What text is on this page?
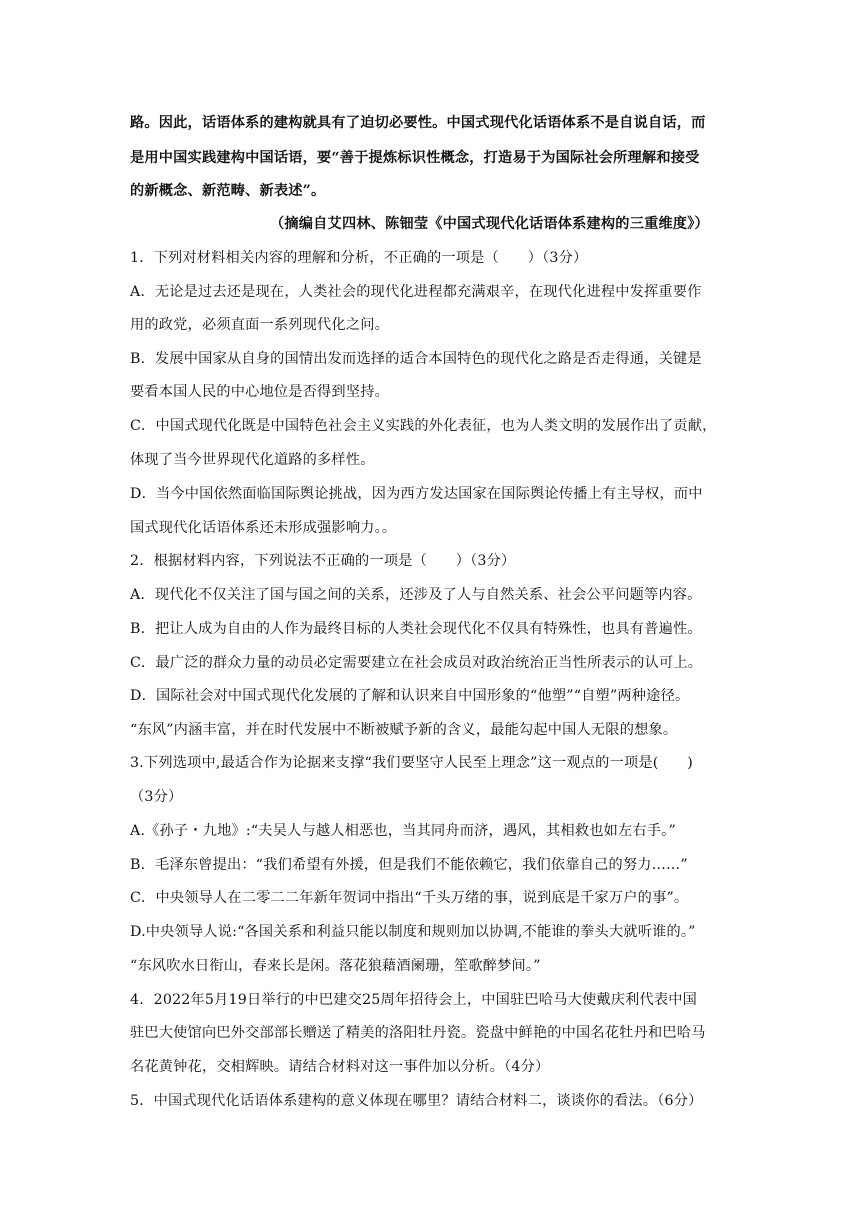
路。因此，话语体系的建构就具有了迫切必要性。中国式现代化话语体系不是自说自话，而
是用中国实践建构中国话语，要“善于提炼标识性概念，打造易于为国际社会所理解和接受
的新概念、新范畴、新表述”。
（摘编自艾四林、陈钿莹《中国式现代化话语体系建构的三重维度》）
1．下列对材料相关内容的理解和分析，不正确的一项是（　　）（3分）
A．无论是过去还是现在，人类社会的现代化进程都充满艰辛，在现代化进程中发挥重要作
用的政党，必须直面一系列现代化之问。
B．发展中国家从自身的国情出发而选择的适合本国特色的现代化之路是否走得通，关键是
要看本国人民的中心地位是否得到坚持。
C．中国式现代化既是中国特色社会主义实践的外化表征，也为人类文明的发展作出了贡献，
体现了当今世界现代化道路的多样性。
D．当今中国依然面临国际舆论挑战，因为西方发达国家在国际舆论传播上有主导权，而中
国式现代化话语体系还未形成强影响力。。
2．根据材料内容，下列说法不正确的一项是（　　）（3分）
A．现代化不仅关注了国与国之间的关系，还涉及了人与自然关系、社会公平问题等内容。
B．把让人成为自由的人作为最终目标的人类社会现代化不仅具有特殊性，也具有普遍性。
C．最广泛的群众力量的动员必定需要建立在社会成员对政治统治正当性所表示的认可上。
D．国际社会对中国式现代化发展的了解和认识来自中国形象的“他塑”“自塑”两种途径。
“东风”内涵丰富，并在时代发展中不断被赋予新的含义，最能勾起中国人无限的想象。
3.下列选项中,最适合作为论据来支撑“我们要坚守人民至上理念”这一观点的一项是(　　)
（3分）
A.《孙子・九地》:“夫吴人与越人相恶也，当其同舟而济，遇风，其相救也如左右手。”
B．毛泽东曾提出：“我们希望有外援，但是我们不能依赖它，我们依靠自己的努力……”
C．中央领导人在二零二二年新年贺词中指出“千头万绪的事，说到底是千家万户的事”。
D.中央领导人说:“各国关系和利益只能以制度和规则加以协调,不能谁的拳头大就听谁的。”
“东风吹水日衔山，春来长是闲。落花狼藉酒阑珊，笙歌醉梦间。”
4．2022年5月19日举行的中巴建交25周年招待会上，中国驻巴哈马大使戴庆利代表中国
驻巴大使馆向巴外交部部长赠送了精美的洛阳牡丹瓷。瓷盘中鲜艳的中国名花牡丹和巴哈马
名花黄钟花，交相辉映。请结合材料对这一事件加以分析。（4分）
5．中国式现代化话语体系建构的意义体现在哪里？请结合材料二，谈谈你的看法。（6分）
